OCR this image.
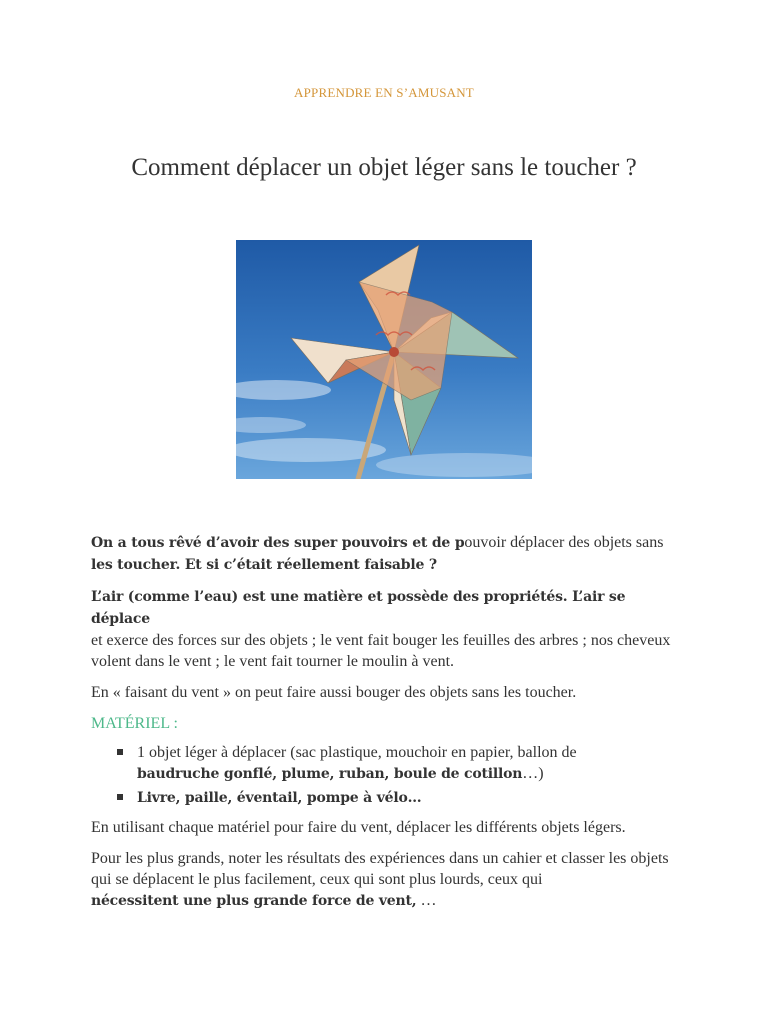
APPRENDRE EN S’AMUSANT
Comment déplacer un objet léger sans le toucher ?

On a tous rêvé d’avoir des super pouvoirs et de pouvoir déplacer des objets sans
les toucher. Et si c’était réellement faisable ?

L’air (comme l’eau) est une matière et possède des propriétés. L’air se déplace
et exerce des forces sur des objets ; le vent fait bouger les feuilles des arbres ; nos cheveux volent dans le vent ; le vent fait tourner le moulin à vent.

En « faisant du vent » on peut faire aussi bouger des objets sans les toucher.

MATÉRIEL :
1 objet léger à déplacer (sac plastique, mouchoir en papier, ballon de
baudruche gonflé, plume, ruban, boule de cotillon…)
Livre, paille, éventail, pompe à vélo…

En utilisant chaque matériel pour faire du vent, déplacer les différents objets légers.

Pour les plus grands, noter les résultats des expériences dans un cahier et classer les objets qui se déplacent le plus facilement, ceux qui sont plus lourds, ceux qui
nécessitent une plus grande force de vent, …
